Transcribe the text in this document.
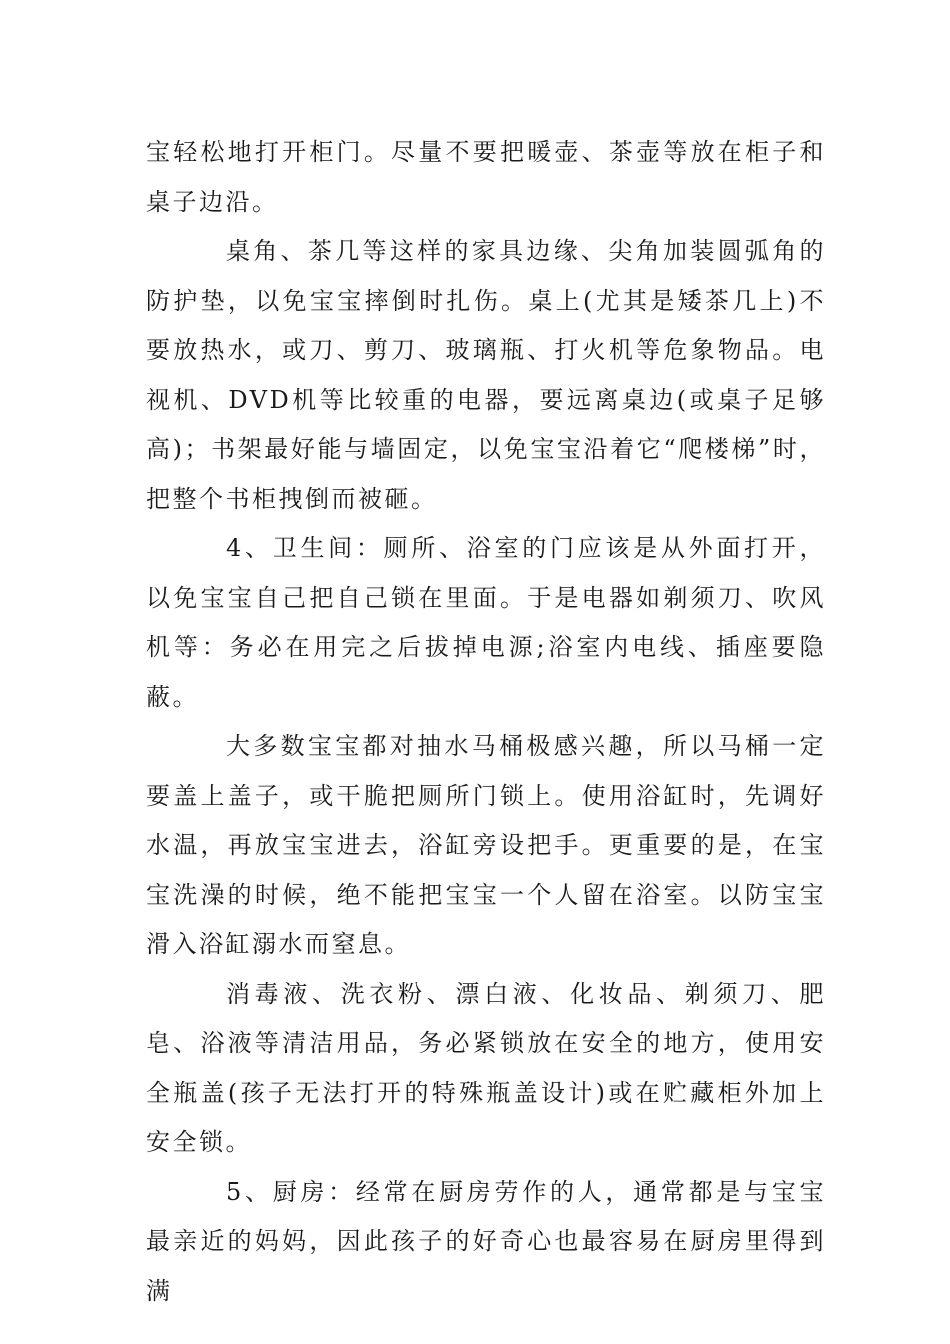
宝轻松地打开柜门。尽量不要把暖壶、茶壶等放在柜子和桌子边沿。

桌角、茶几等这样的家具边缘、尖角加装圆弧角的防护垫，以免宝宝摔倒时扎伤。桌上(尤其是矮茶几上)不要放热水，或刀、剪刀、玻璃瓶、打火机等危象物品。电视机、DVD机等比较重的电器，要远离桌边(或桌子足够高)；书架最好能与墙固定，以免宝宝沿着它“爬楼梯”时，把整个书柜拽倒而被砸。

4、卫生间：厕所、浴室的门应该是从外面打开，以免宝宝自己把自己锁在里面。于是电器如剃须刀、吹风机等：务必在用完之后拔掉电源;浴室内电线、插座要隐蔽。

大多数宝宝都对抽水马桶极感兴趣，所以马桶一定要盖上盖子，或干脆把厕所门锁上。使用浴缸时，先调好水温，再放宝宝进去，浴缸旁设把手。更重要的是，在宝宝洗澡的时候，绝不能把宝宝一个人留在浴室。以防宝宝滑入浴缸溺水而窒息。

消毒液、洗衣粉、漂白液、化妆品、剃须刀、肥皂、浴液等清洁用品，务必紧锁放在安全的地方，使用安全瓶盖(孩子无法打开的特殊瓶盖设计)或在贮藏柜外加上安全锁。

5、厨房：经常在厨房劳作的人，通常都是与宝宝最亲近的妈妈，因此孩子的好奇心也最容易在厨房里得到满
